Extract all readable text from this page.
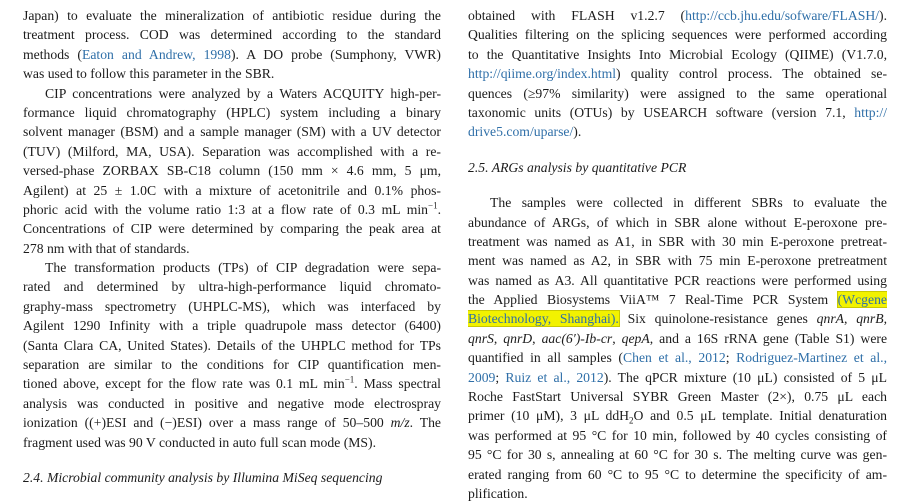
Japan) to evaluate the mineralization of antibiotic residue during the
treatment process. COD was determined according to the standard
methods (Eaton and Andrew, 1998). A DO probe (Sumphony, VWR)
was used to follow this parameter in the SBR.
CIP concentrations were analyzed by a Waters ACQUITY high-per-
formance liquid chromatography (HPLC) system including a binary
solvent manager (BSM) and a sample manager (SM) with a UV detector
(TUV) (Milford, MA, USA). Separation was accomplished with a re-
versed-phase ZORBAX SB-C18 column (150 mm × 4.6 mm, 5 μm,
Agilent) at 25 ± 1.0C with a mixture of acetonitrile and 0.1% phos-
phoric acid with the volume ratio 1:3 at a flow rate of 0.3 mL $\min^{-1}$.
Concentrations of CIP were determined by comparing the peak area at
278 nm with that of standards.
The transformation products (TPs) of CIP degradation were sepa-
rated and determined by ultra-high-performance liquid chromato-
graphy-mass spectrometry (UHPLC-MS), which was interfaced by
Agilent 1290 Infinity with a triple quadrupole mass detector (6400)
(Santa Clara CA, United States). Details of the UHPLC method for TPs
separation are similar to the conditions for CIP quantification men-
tioned above, except for the flow rate was 0.1 mL $\min^{-1}$. Mass spectral
analysis was conducted in positive and negative mode electrospray
ionization ((+)ESI and (−)ESI) over a mass range of 50–500 m/z. The
fragment used was 90 V conducted in auto full scan mode (MS).
2.4. Microbial community analysis by Illumina MiSeq sequencing
obtained with FLASH v1.2.7 (http://ccb.jhu.edu/sofware/FLASH/).
Qualities filtering on the splicing sequences were performed according
to the Quantitative Insights Into Microbial Ecology (QIIME) (V1.7.0,
http://qiime.org/index.html) quality control process. The obtained se-
quences (≥97% similarity) were assigned to the same operational
taxonomic units (OTUs) by USEARCH software (version 7.1, http://
drive5.com/uparse/).
2.5. ARGs analysis by quantitative PCR
The samples were collected in different SBRs to evaluate the
abundance of ARGs, of which in SBR alone without E-peroxone pre-
treatment was named as A1, in SBR with 30 min E-peroxone pretreat-
ment was named as A2, in SBR with 75 min E-peroxone pretreatment
was named as A3. All quantitative PCR reactions were performed using
the Applied Biosystems ViiA™ 7 Real-Time PCR System (Wcgene
Biotechnology, Shanghai). Six quinolone-resistance genes qnrA, qnrB,
qnrS, qnrD, aac(6′)-Ib-cr, qepA, and a 16S rRNA gene (Table S1) were
quantified in all samples (Chen et al., 2012; Rodriguez-Martinez et al.,
2009; Ruiz et al., 2012). The qPCR mixture (10 μL) consisted of 5 μL
Roche FastStart Universal SYBR Green Master (2×), 0.75 μL each
primer (10 μM), 3 μL ddH$_2$O and 0.5 μL template. Initial denaturation
was performed at 95 °C for 10 min, followed by 40 cycles consisting of
95 °C for 30 s, annealing at 60 °C for 30 s. The melting curve was gen-
erated ranging from 60 °C to 95 °C to determine the specificity of am-
plification.
